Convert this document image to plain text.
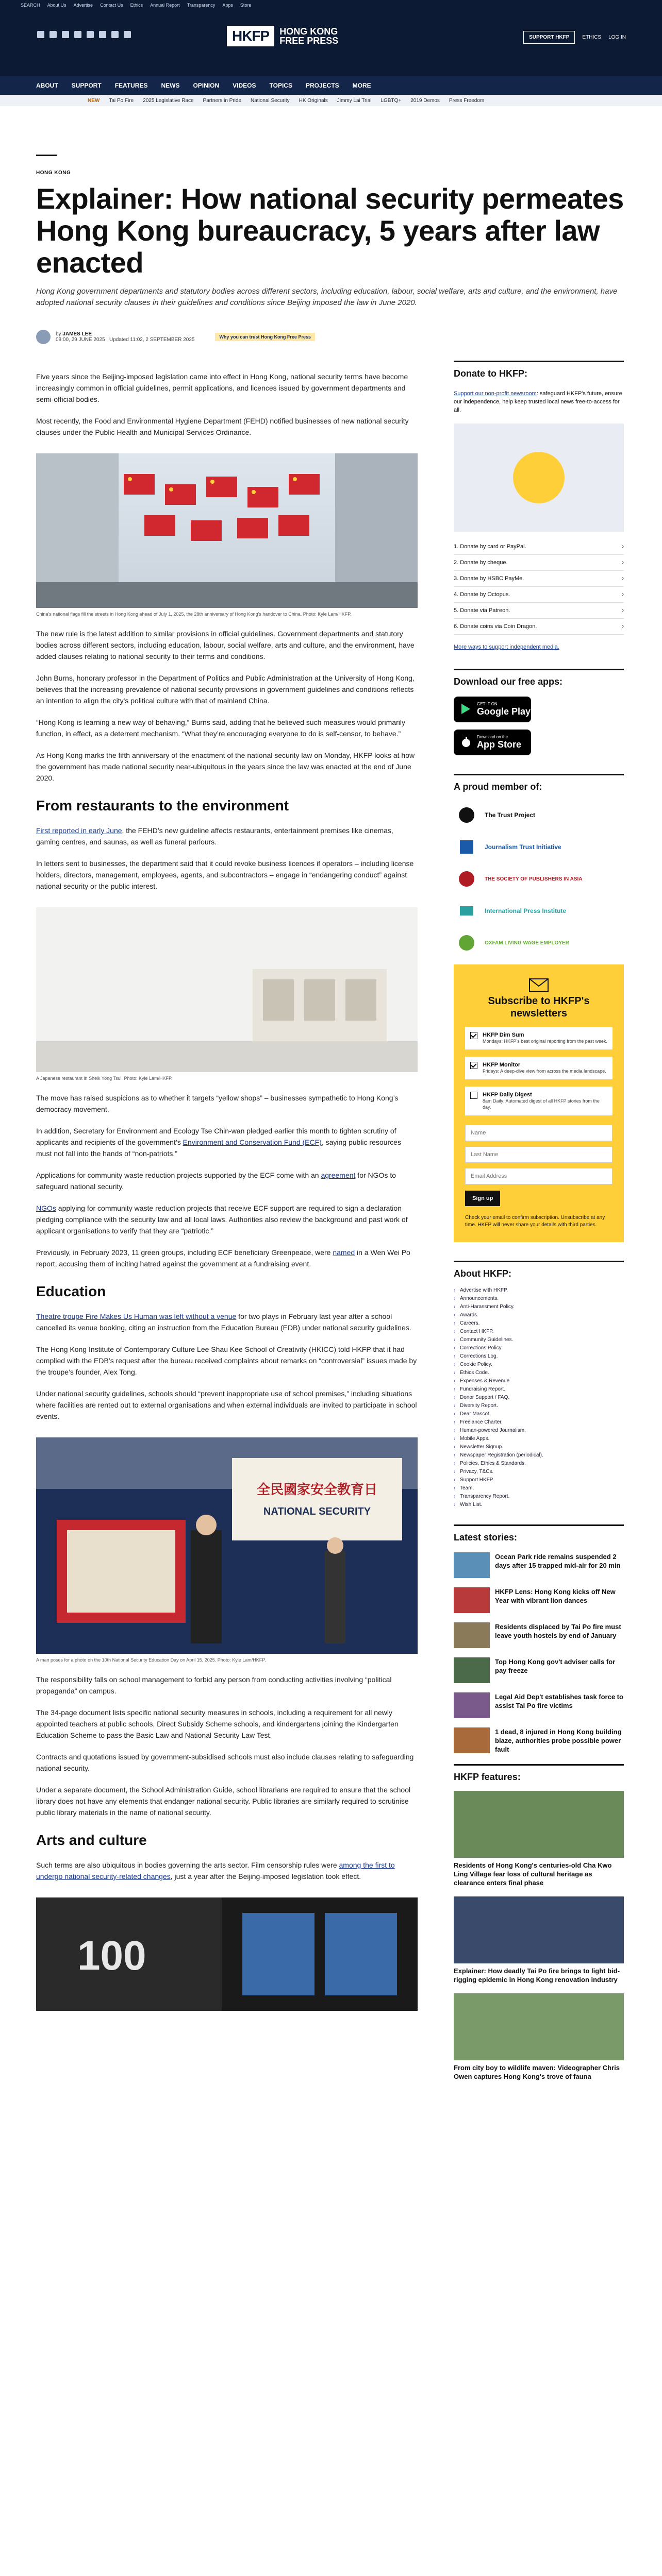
SEARCH About Us Advertise Contact Us Ethics Annual Report Transparency Apps Store
HKFP	HONG KONG
FREE PRESS	SUPPORT HKFP	ETHICS LOG IN
ABOUT SUPPORT FEATURES NEWS OPINION VIDEOS TOPICS PROJECTS MORE
NEW Tai Po Fire 2025 Legislative Race Partners in Pride National Security HK Originals Jimmy Lai Trial LGBTQ+ 2019 Demos Press Freedom
HONG KONG
Explainer: How national security permeates Hong Kong bureaucracy, 5 years after law enacted

Hong Kong government departments and statutory bodies across different sectors, including education, labour, social welfare, arts and culture, and the environment, have adopted national security clauses in their guidelines and conditions since Beijing imposed the law in June 2020.

by JAMES LEE
08:00, 29 JUNE 2025 Updated 11:02, 2 SEPTEMBER 2025	Why you can trust Hong Kong Free Press

Five years since the Beijing-imposed legislation came into effect in Hong Kong, national security terms have become increasingly common in official guidelines, permit applications, and licences issued by government departments and semi-official bodies.

Most recently, the Food and Environmental Hygiene Department (FEHD) notified businesses of new national security clauses under the Public Health and Municipal Services Ordinance.

China's national flags fill the streets in Hong Kong ahead of July 1, 2025, the 28th anniversary of Hong Kong's handover to China. Photo: Kyle Lam/HKFP.

The new rule is the latest addition to similar provisions in official guidelines. Government departments and statutory bodies across different sectors, including education, labour, social welfare, arts and culture, and the environment, have added clauses relating to national security to their terms and conditions.

John Burns, honorary professor in the Department of Politics and Public Administration at the University of Hong Kong, believes that the increasing prevalence of national security provisions in government guidelines and conditions reflects an intention to align the city's political culture with that of mainland China.

“Hong Kong is learning a new way of behaving,” Burns said, adding that he believed such measures would primarily function, in effect, as a deterrent mechanism. “What they’re encouraging everyone to do is self-censor, to behave.”

As Hong Kong marks the fifth anniversary of the enactment of the national security law on Monday, HKFP looks at how the government has made national security near-ubiquitous in the years since the law was enacted at the end of June 2020.

From restaurants to the environment

First reported in early June, the FEHD’s new guideline affects restaurants, entertainment premises like cinemas, gaming centres, and saunas, as well as funeral parlours.

In letters sent to businesses, the department said that it could revoke business licences if operators – including license holders, directors, management, employees, agents, and subcontractors – engage in “endangering conduct” against national security or the public interest.

A Japanese restaurant in Sheik Yong Tsui. Photo: Kyle Lam/HKFP.

The move has raised suspicions as to whether it targets “yellow shops” – businesses sympathetic to Hong Kong’s democracy movement.

In addition, Secretary for Environment and Ecology Tse Chin-wan pledged earlier this month to tighten scrutiny of applicants and recipients of the government’s Environment and Conservation Fund (ECF), saying public resources must not fall into the hands of “non-patriots.”

Applications for community waste reduction projects supported by the ECF come with an agreement for NGOs to safeguard national security.

NGOs applying for community waste reduction projects that receive ECF support are required to sign a declaration pledging compliance with the security law and all local laws. Authorities also review the background and past work of applicant organisations to verify that they are “patriotic.”

Previously, in February 2023, 11 green groups, including ECF beneficiary Greenpeace, were named in a Wen Wei Po report, accusing them of inciting hatred against the government at a fundraising event.

Education

Theatre troupe Fire Makes Us Human was left without a venue for two plays in February last year after a school cancelled its venue booking, citing an instruction from the Education Bureau (EDB) under national security guidelines.

The Hong Kong Institute of Contemporary Culture Lee Shau Kee School of Creativity (HKICC) told HKFP that it had complied with the EDB’s request after the bureau received complaints about remarks on “controversial” issues made by the troupe’s founder, Alex Tong.

Under national security guidelines, schools should “prevent inappropriate use of school premises,” including situations where facilities are rented out to external organisations and when external individuals are invited to participate in school events.

全民國家安全教育日
NATIONAL SECURITY

A man poses for a photo on the 10th National Security Education Day on April 15, 2025. Photo: Kyle Lam/HKFP.

The responsibility falls on school management to forbid any person from conducting activities involving “political propaganda” on campus.

The 34-page document lists specific national security measures in schools, including a requirement for all newly appointed teachers at public schools, Direct Subsidy Scheme schools, and kindergartens joining the Kindergarten Education Scheme to pass the Basic Law and National Security Law Test.

Contracts and quotations issued by government-subsidised schools must also include clauses relating to safeguarding national security.

Under a separate document, the School Administration Guide, school librarians are required to ensure that the school library does not have any elements that endanger national security. Public libraries are similarly required to scrutinise public library materials in the name of national security.

Arts and culture

Such terms are also ubiquitous in bodies governing the arts sector. Film censorship rules were among the first to undergo national security-related changes, just a year after the Beijing-imposed legislation took effect.

100
Donate to HKFP:

Support our non-profit newsroom: safeguard HKFP's future, ensure our independence, help keep trusted local news free-to-access for all.

1. Donate by card or PayPal.	›
2. Donate by cheque.	›
3. Donate by HSBC PayMe.	›
4. Donate by Octopus.	›
5. Donate via Patreon.	›
6. Donate coins via Coin Dragon.	›
More ways to support independent media.
Download our free apps:
GET IT ON
Google Play
Download on the
App Store
A proud member of:
The Trust Project
Journalism Trust Initiative
THE SOCIETY OF PUBLISHERS IN ASIA
International Press Institute
OXFAM LIVING WAGE EMPLOYER
Subscribe to HKFP's newsletters
HKFP Dim Sum
Mondays: HKFP's best original reporting from the past week.
HKFP Monitor
Fridays: A deep-dive view from across the media landscape.
HKFP Daily Digest
8am Daily: Automated digest of all HKFP stories from the day.
Name
Last Name
Email Address
Sign up

Check your email to confirm subscription. Unsubscribe at any time. HKFP will never share your details with third parties.

About HKFP:
› Advertise with HKFP.
› Announcements.
› Anti-Harassment Policy.
› Awards.
› Careers.
› Contact HKFP.
› Community Guidelines.
› Corrections Policy.
› Corrections Log.
› Cookie Policy.
› Ethics Code.
› Expenses & Revenue.
› Fundraising Report.
› Donor Support / FAQ.
› Diversity Report.
› Dear Mascot.
› Freelance Charter.
› Human-powered Journalism.
› Mobile Apps.
› Newsletter Signup.
› Newspaper Registration (periodical).
› Policies, Ethics & Standards.
› Privacy, T&Cs.
› Support HKFP.
› Team.
› Transparency Report.
› Wish List.
Latest stories:
Ocean Park ride remains suspended 2 days after 15 trapped mid-air for 20 min
HKFP Lens: Hong Kong kicks off New Year with vibrant lion dances
Residents displaced by Tai Po fire must leave youth hostels by end of January
Top Hong Kong gov't adviser calls for pay freeze
Legal Aid Dep't establishes task force to assist Tai Po fire victims
1 dead, 8 injured in Hong Kong building blaze, authorities probe possible power fault
HKFP features:
Residents of Hong Kong's centuries-old Cha Kwo Ling Village fear loss of cultural heritage as clearance enters final phase
Explainer: How deadly Tai Po fire brings to light bid-rigging epidemic in Hong Kong renovation industry
From city boy to wildlife maven: Videographer Chris Owen captures Hong Kong's trove of fauna
